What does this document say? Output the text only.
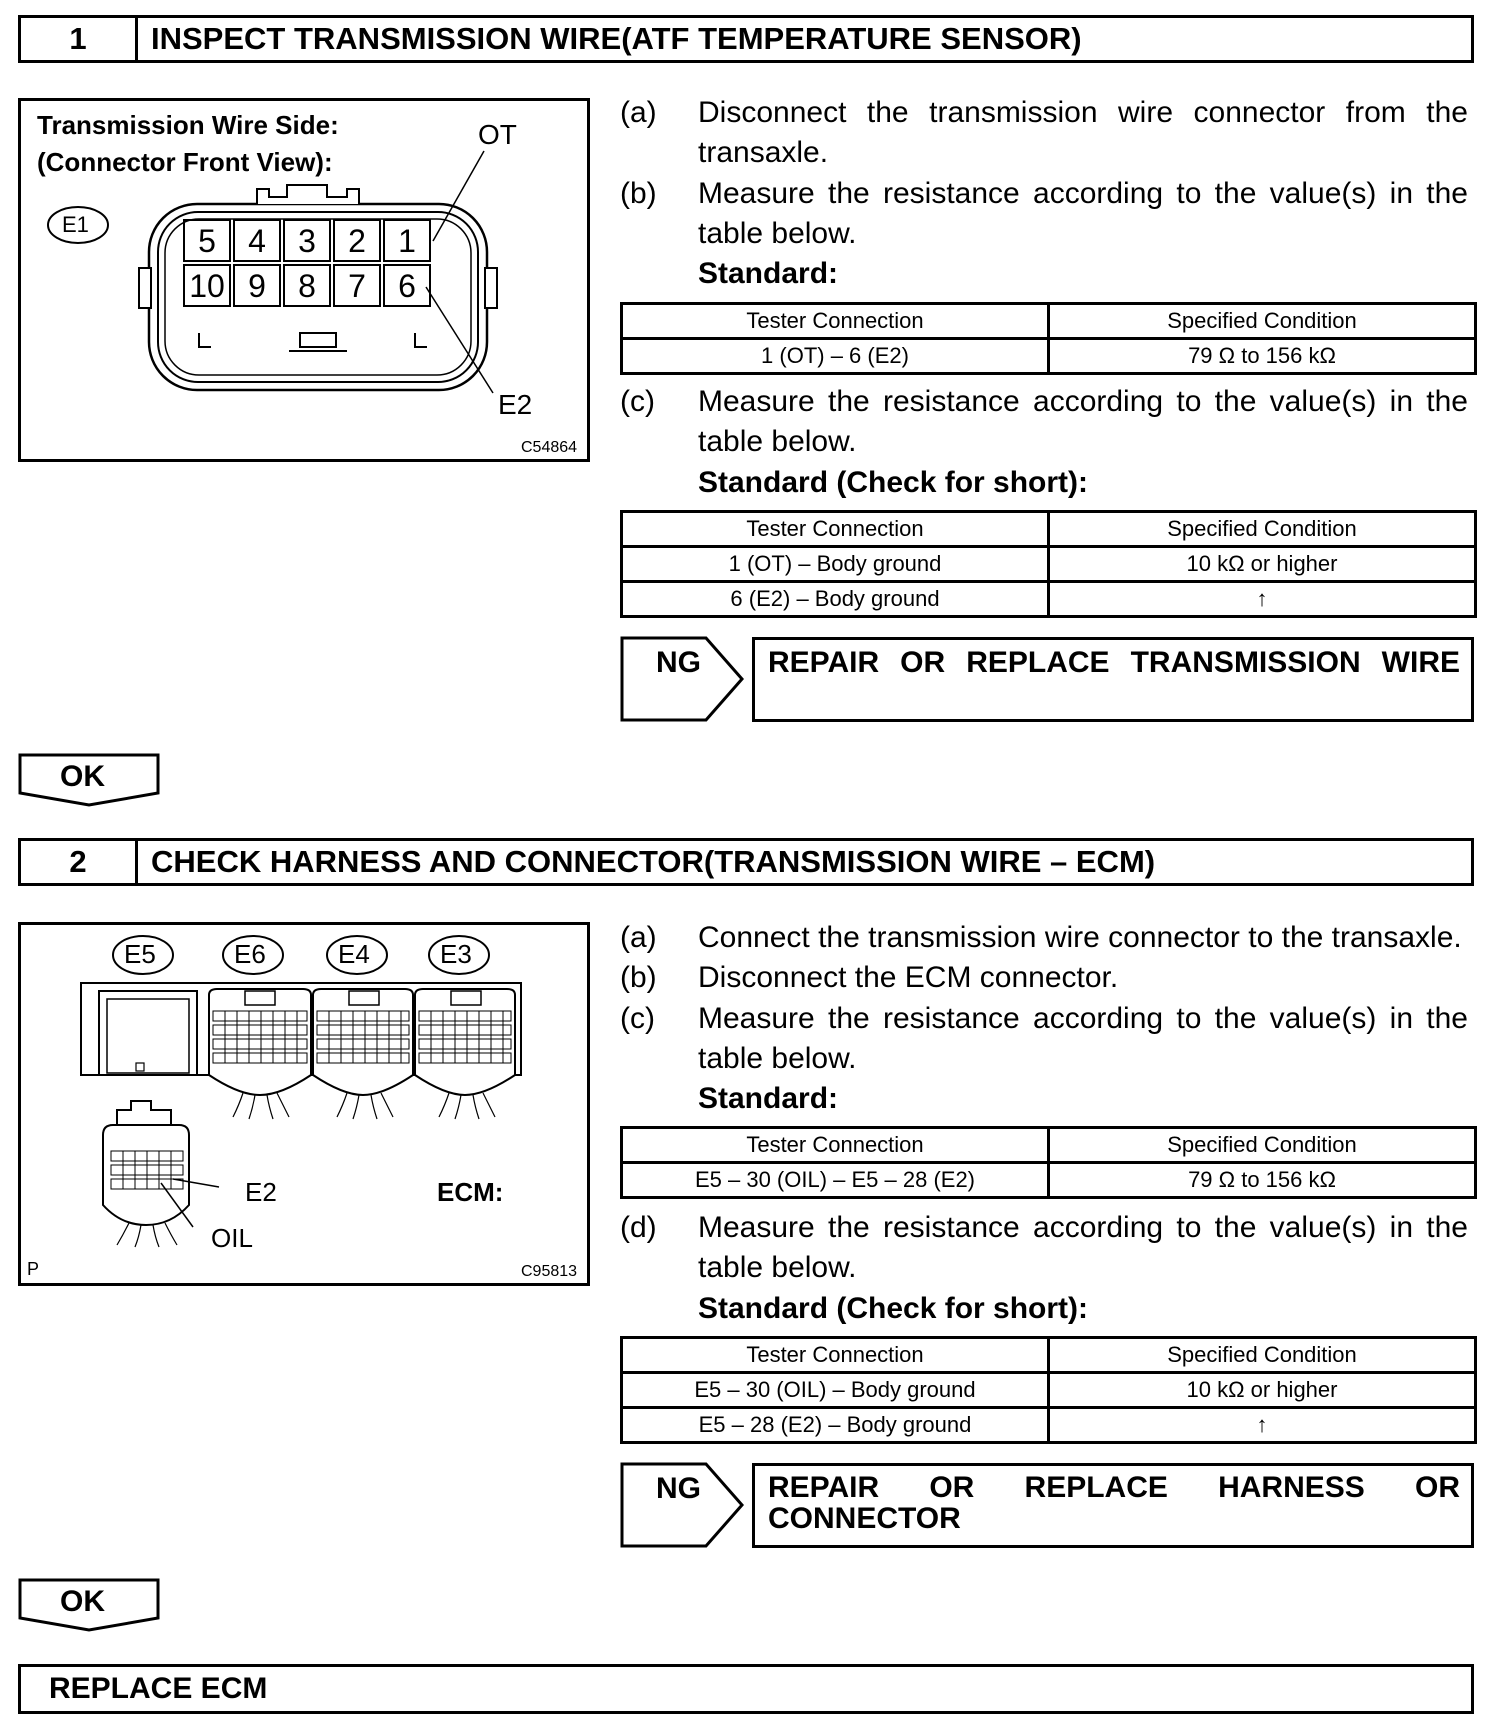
1	INSPECT TRANSMISSION WIRE(ATF TEMPERATURE SENSOR)
Transmission Wire Side:
(Connector Front View):
OT
E2
C54864
E1	5	4	3	2	1
10 9	8	7	6
(a) Disconnect the transmission wire connector from the transaxle.
(b) Measure the resistance according to the value(s) in the table below.
Standard:
Tester Connection	Specified Condition
1 (OT) – 6 (E2)	79 Ω to 156 kΩ
(c) Measure the resistance according to the value(s) in the table below.
Standard (Check for short):
Tester Connection	Specified Condition
1 (OT) – Body ground	10 kΩ or higher
6 (E2) – Body ground	↑
NG REPAIR OR REPLACE TRANSMISSION WIRE
OK
2	CHECK HARNESS AND CONNECTOR(TRANSMISSION WIRE – ECM)
E5	E6	E4	E3
E2
OIL
ECM:
P	C95813
(a) Connect the transmission wire connector to the transaxle.
(b) Disconnect the ECM connector.
(c) Measure the resistance according to the value(s) in the table below.
Standard:
Tester Connection	Specified Condition
E5 – 30 (OIL) – E5 – 28 (E2)	79 Ω to 156 kΩ
(d) Measure the resistance according to the value(s) in the table below.
Standard (Check for short):
Tester Connection	Specified Condition
E5 – 30 (OIL) – Body ground	10 kΩ or higher
E5 – 28 (E2) – Body ground	↑
NG REPAIR OR REPLACE HARNESS OR CONNECTOR
OK
REPLACE ECM
